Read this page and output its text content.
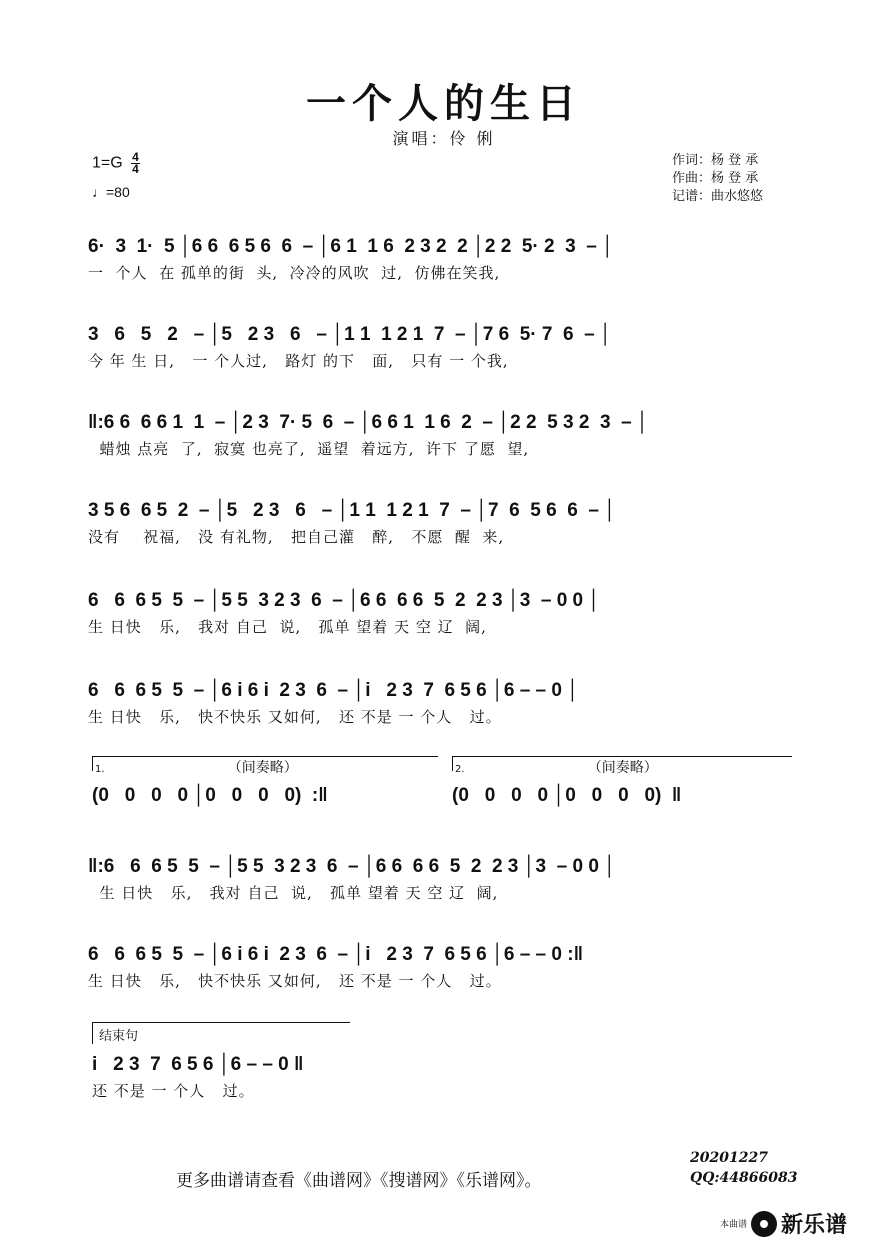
一个人的生日
演唱：伶 俐
$1=G \frac{4}{4}$
♩=80
作词：杨 登 承
作曲：杨 登 承
记谱：曲水悠悠
6·  3  1·  5 │6 6  6 5 6  6  – │6 1  1 6  2 3 2  2 │2 2  5· 2  3  – │
一  个人  在 孤单的街  头,  冷冷的风吹  过,  仿佛在笑我,
3   6   5   2   – │5   2 3   6   – │1 1  1 2 1  7  – │7 6  5· 7  6  – │
今 年 生 日,   一 个人过,   路灯 的下   面,   只有 一 个我,
‖:6 6  6 6 1  1  – │2 3  7· 5  6  – │6 6 1  1 6  2  – │2 2  5 3 2  3  – │
蜡烛 点亮  了,  寂寞 也亮了,  遥望  着远方,  许下 了愿  望,
3 5 6  6 5  2  – │5   2 3   6   – │1 1  1 2 1  7  – │7  6  5 6  6  – │
没有    祝福,   没 有礼物,   把自己灌   醉,   不愿  醒  来,
6   6  6 5  5  – │5 5  3 2 3  6  – │6 6  6 6  5  2  2 3 │3  – 0 0 │
生 日快   乐,   我对 自己  说,   孤单 望着 天 空 辽  阔,
6   6  6 5  5  – │6 i 6 i  2 3  6  – │i   2 3  7  6 5 6 │6 – – 0 │
生 日快   乐,   快不快乐 又如何,   还 不是 一 个人   过。
1.	（间奏略）
(0   0   0   0 │0   0   0   0)  :‖
2.	（间奏略）
(0   0   0   0 │0   0   0   0)  ‖
‖:6   6  6 5  5  – │5 5  3 2 3  6  – │6 6  6 6  5  2  2 3 │3  – 0 0 │
生 日快   乐,   我对 自己  说,   孤单 望着 天 空 辽  阔,
6   6  6 5  5  – │6 i 6 i  2 3  6  – │i   2 3  7  6 5 6 │6 – – 0 :‖
生 日快   乐,   快不快乐 又如何,   还 不是 一 个人   过。
结束句
i   2 3  7  6 5 6 │6 – – 0 ‖
还 不是 一 个人   过。
更多曲谱请查看《曲谱网》《搜谱网》《乐谱网》。
20201227
QQ:44866083
本曲谱 新乐谱
